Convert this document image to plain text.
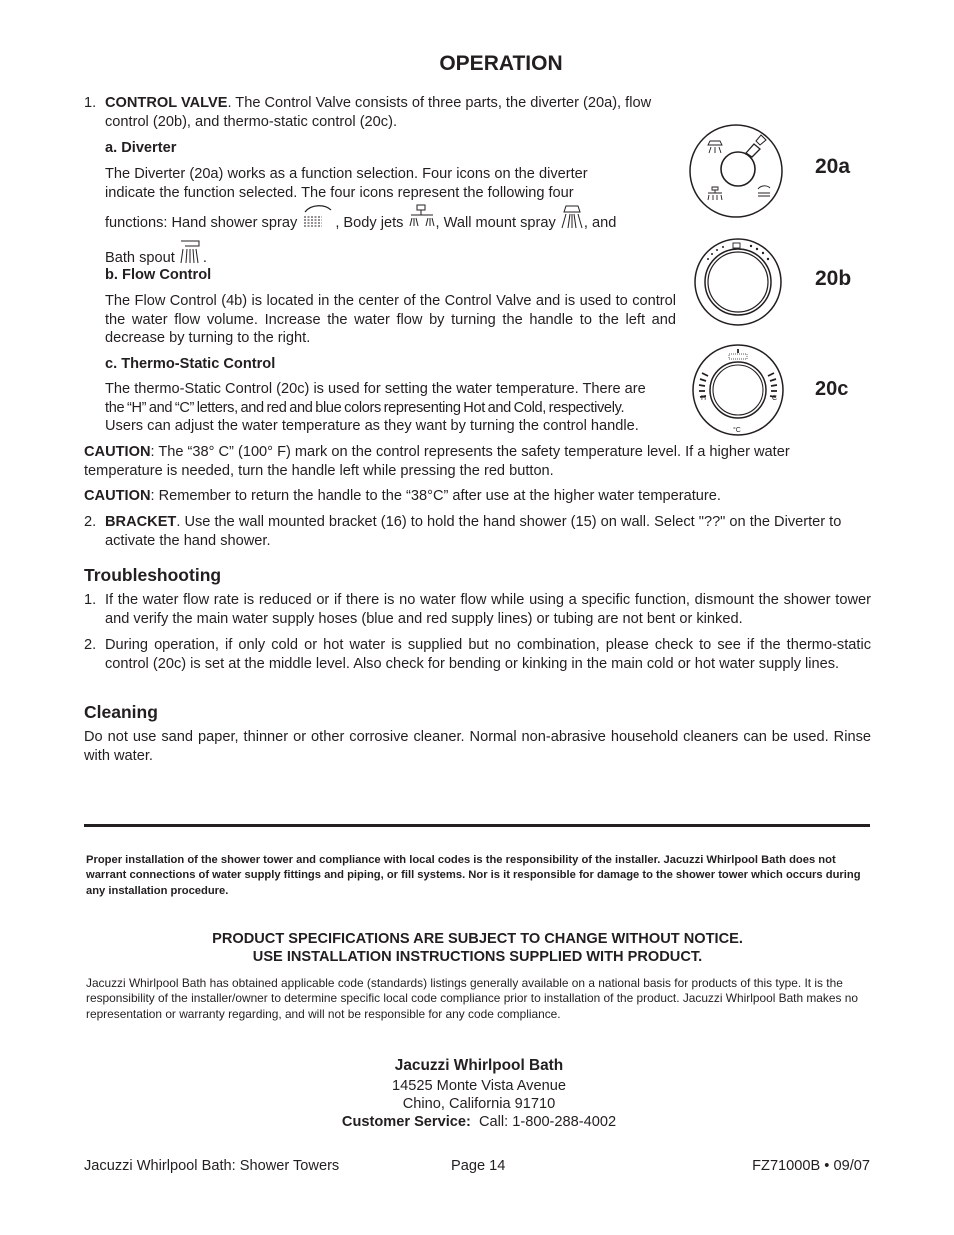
OPERATION
1. CONTROL VALVE. The Control Valve consists of three parts, the diverter (20a), flow control (20b), and thermo-static control (20c).
a. Diverter
The Diverter (20a) works as a function selection. Four icons on the diverter indicate the function selected. The four icons represent the following four
functions: Hand shower spray	, Body jets , Wall mount spray , and
Bath spout .
b. Flow Control
The Flow Control (4b) is located in the center of the Control Valve and is used to control the water flow volume. Increase the water flow by turning the handle to the left and decrease by turning to the right.
c. Thermo-Static Control
The thermo-Static Control (20c) is used for setting the water temperature. There are
the “H” and “C” letters, and red and blue colors representing Hot and Cold, respectively.
Users can adjust the water temperature as they want by turning the control handle.
CAUTION: The “38° C” (100° F) mark on the control represents the safety temperature level. If a higher water temperature is needed, turn the handle left while pressing the red button.
CAUTION: Remember to return the handle to the “38°C” after use at the higher water temperature.
2. BRACKET. Use the wall mounted bracket (16) to hold the hand shower (15) on wall. Select "??" on the Diverter to activate the hand shower.
Troubleshooting
1. If the water flow rate is reduced or if there is no water flow while using a specific function, dismount the shower tower and verify the main water supply hoses (blue and red supply lines) or tubing are not bent or kinked.
2. During operation, if only cold or hot water is supplied but no combination, please check to see if the thermo-static control (20c) is set at the middle level. Also check for bending or kinking in the main cold or hot water supply lines.
Cleaning
Do not use sand paper, thinner or other corrosive cleaner. Normal non-abrasive household cleaners can be used. Rinse with water.
Proper installation of the shower tower and compliance with local codes is the responsibility of the installer. Jacuzzi Whirlpool Bath does not warrant connections of water supply fittings and piping, or fill systems. Nor is it responsible for damage to the shower tower which occurs during any installation procedure.
PRODUCT SPECIFICATIONS ARE SUBJECT TO CHANGE WITHOUT NOTICE.
USE INSTALLATION INSTRUCTIONS SUPPLIED WITH PRODUCT.
Jacuzzi Whirlpool Bath has obtained applicable code (standards) listings generally available on a national basis for products of this type. It is the responsibility of the installer/owner to determine specific local code compliance prior to installation of the product. Jacuzzi Whirlpool Bath makes no representation or warranty regarding, and will not be responsible for any code compliance.
Jacuzzi Whirlpool Bath
14525 Monte Vista Avenue
Chino, California 91710
Customer Service:  Call: 1-800-288-4002
Jacuzzi Whirlpool Bath: Shower Towers	Page 14	FZ71000B • 09/07
20a
20b
H	C
°C
20c
